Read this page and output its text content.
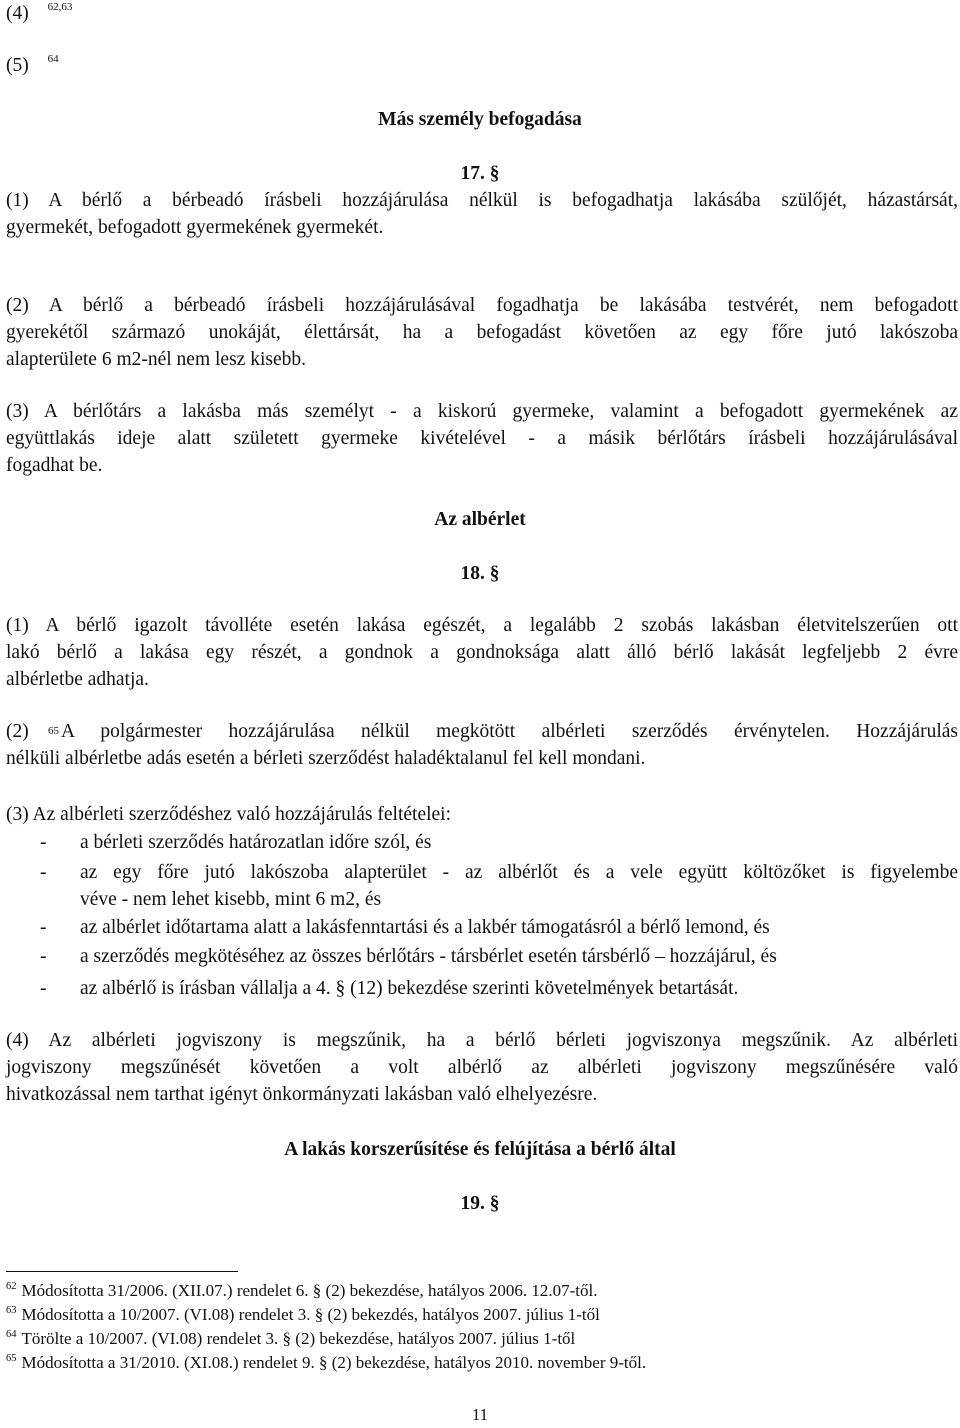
(4) $^{62,63}$
(5) $^{64}$
Más személy befogadása
17. §
(1) A bérlő a bérbeadó írásbeli hozzájárulása nélkül is befogadhatja lakásába szülőjét, házastársát,
gyermekét, befogadott gyermekének gyermekét.
(2) A bérlő a bérbeadó írásbeli hozzájárulásával fogadhatja be lakásába testvérét, nem befogadott
gyerekétől származó unokáját, élettársát, ha a befogadást követően az egy főre jutó lakószoba
alapterülete 6 m2-nél nem lesz kisebb.
(3) A bérlőtárs a lakásba más személyt - a kiskorú gyermeke, valamint a befogadott gyermekének az
együttlakás ideje alatt született gyermeke kivételével - a másik bérlőtárs írásbeli hozzájárulásával
fogadhat be.
Az albérlet
18. §
(1) A bérlő igazolt távolléte esetén lakása egészét, a legalább 2 szobás lakásban életvitelszerűen ott
lakó bérlő a lakása egy részét, a gondnok a gondnoksága alatt álló bérlő lakását legfeljebb 2 évre
albérletbe adhatja.
(2) 65 A polgármester hozzájárulása nélkül megkötött albérleti szerződés érvénytelen. Hozzájárulás
nélküli albérletbe adás esetén a bérleti szerződést haladéktalanul fel kell mondani.
(3) Az albérleti szerződéshez való hozzájárulás feltételei:
- a bérleti szerződés határozatlan időre szól, és
- az egy főre jutó lakószoba alapterület - az albérlőt és a vele együtt költözőket is figyelembe
véve - nem lehet kisebb, mint 6 m2, és
- az albérlet időtartama alatt a lakásfenntartási és a lakbér támogatásról a bérlő lemond, és
- a szerződés megkötéséhez az összes bérlőtárs - társbérlet esetén társbérlő – hozzájárul, és
- az albérlő is írásban vállalja a 4. § (12) bekezdése szerinti követelmények betartását.
(4) Az albérleti jogviszony is megszűnik, ha a bérlő bérleti jogviszonya megszűnik. Az albérleti
jogviszony megszűnését követően a volt albérlő az albérleti jogviszony megszűnésére való
hivatkozással nem tarthat igényt önkormányzati lakásban való elhelyezésre.
A lakás korszerűsítése és felújítása a bérlő által
19. §
$^{62}$ Módosította 31/2006. (XII.07.) rendelet 6. § (2) bekezdése, hatályos 2006. 12.07-től.
$^{63}$ Módosította a 10/2007. (VI.08) rendelet 3. § (2) bekezdés, hatályos 2007. július 1-től
$^{64}$ Törölte a 10/2007. (VI.08) rendelet 3. § (2) bekezdése, hatályos 2007. július 1-től
$^{65}$ Módosította a 31/2010. (XI.08.) rendelet 9. § (2) bekezdése, hatályos 2010. november 9-től.
11
